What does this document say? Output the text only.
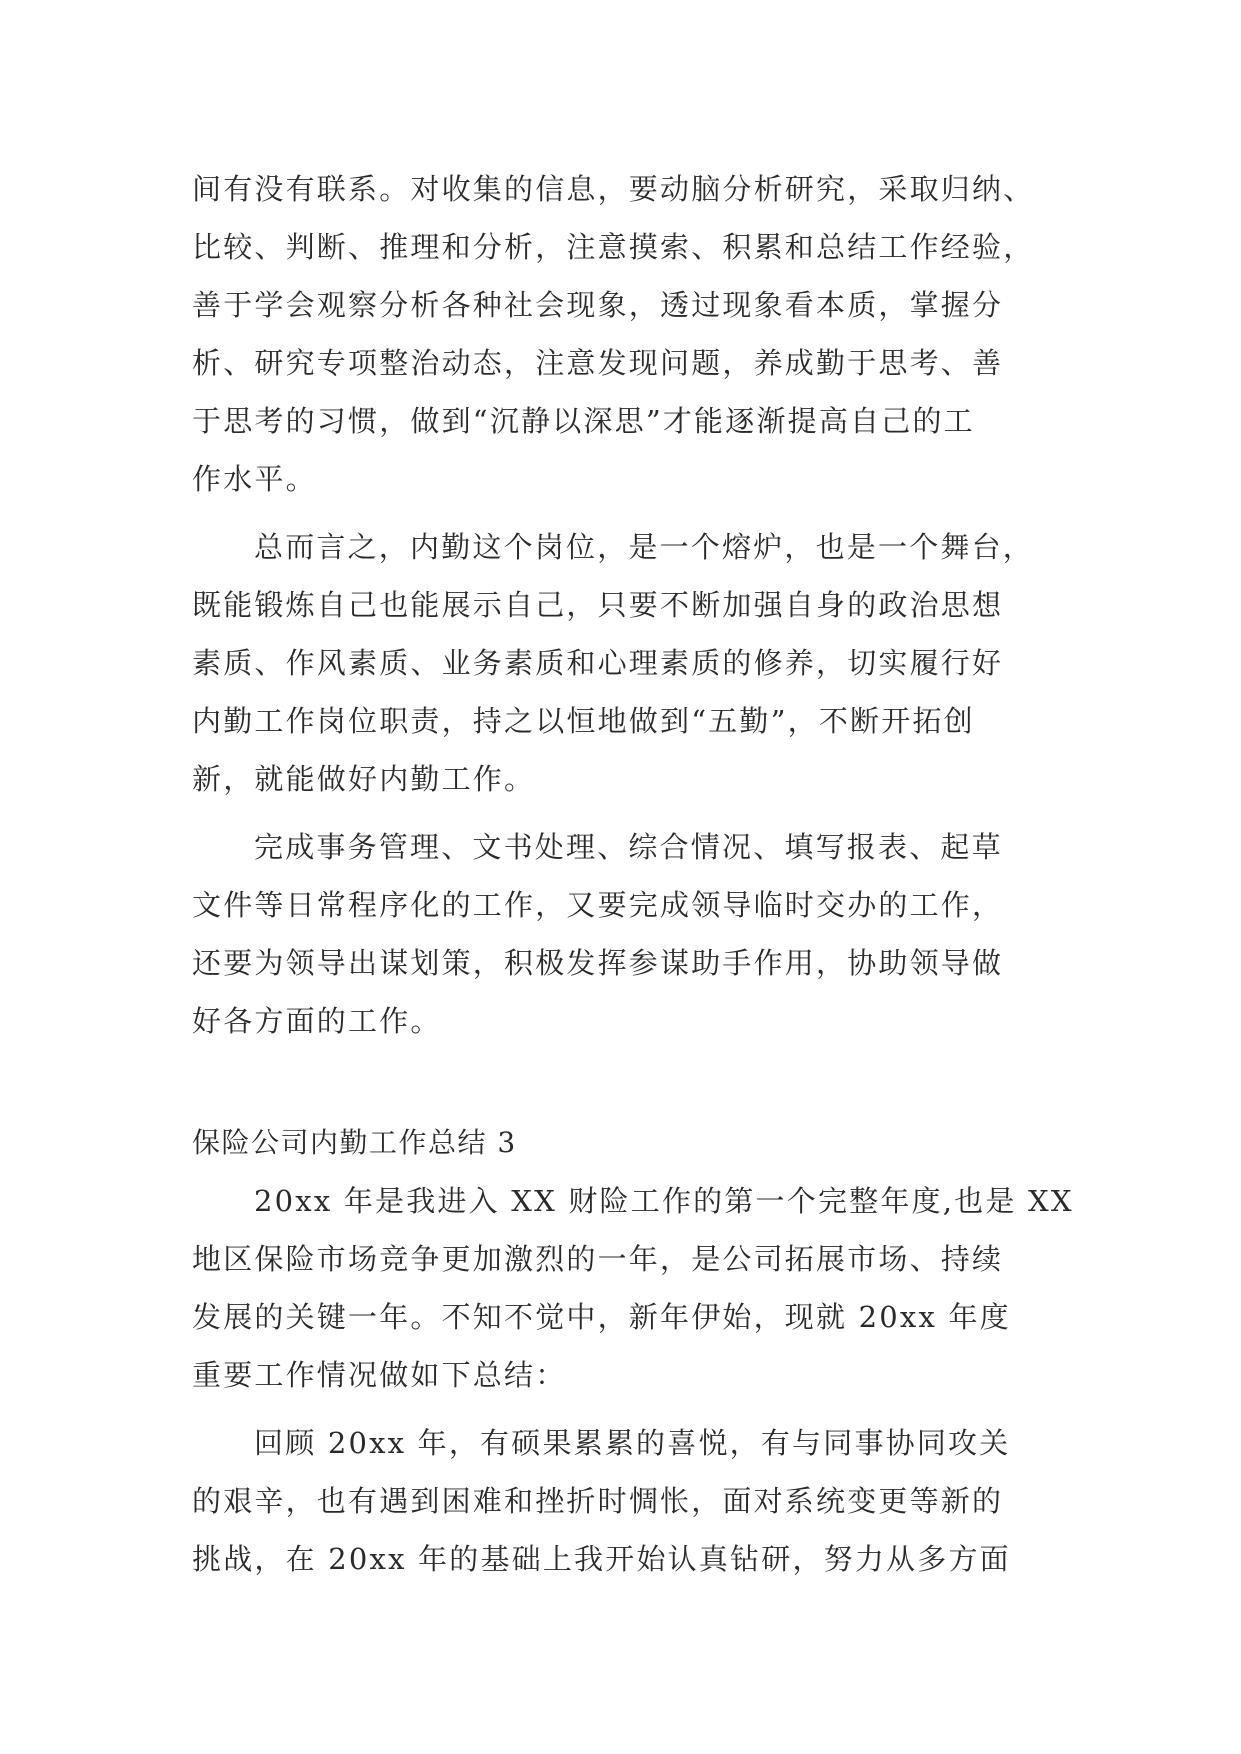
间有没有联系。对收集的信息，要动脑分析研究，采取归纳、
比较、判断、推理和分析，注意摸索、积累和总结工作经验，
善于学会观察分析各种社会现象，透过现象看本质，掌握分
析、研究专项整治动态，注意发现问题，养成勤于思考、善
于思考的习惯，做到“沉静以深思”才能逐渐提高自己的工
作水平。
总而言之，内勤这个岗位，是一个熔炉，也是一个舞台，
既能锻炼自己也能展示自己，只要不断加强自身的政治思想
素质、作风素质、业务素质和心理素质的修养，切实履行好
内勤工作岗位职责，持之以恒地做到“五勤”，不断开拓创
新，就能做好内勤工作。
完成事务管理、文书处理、综合情况、填写报表、起草
文件等日常程序化的工作，又要完成领导临时交办的工作，
还要为领导出谋划策，积极发挥参谋助手作用，协助领导做
好各方面的工作。
保险公司内勤工作总结 3
20xx 年是我进入 XX 财险工作的第一个完整年度,也是 XX
地区保险市场竞争更加激烈的一年，是公司拓展市场、持续
发展的关键一年。不知不觉中，新年伊始，现就 20xx 年度
重要工作情况做如下总结：
回顾 20xx 年，有硕果累累的喜悦，有与同事协同攻关
的艰辛，也有遇到困难和挫折时惆怅，面对系统变更等新的
挑战，在 20xx 年的基础上我开始认真钻研，努力从多方面
